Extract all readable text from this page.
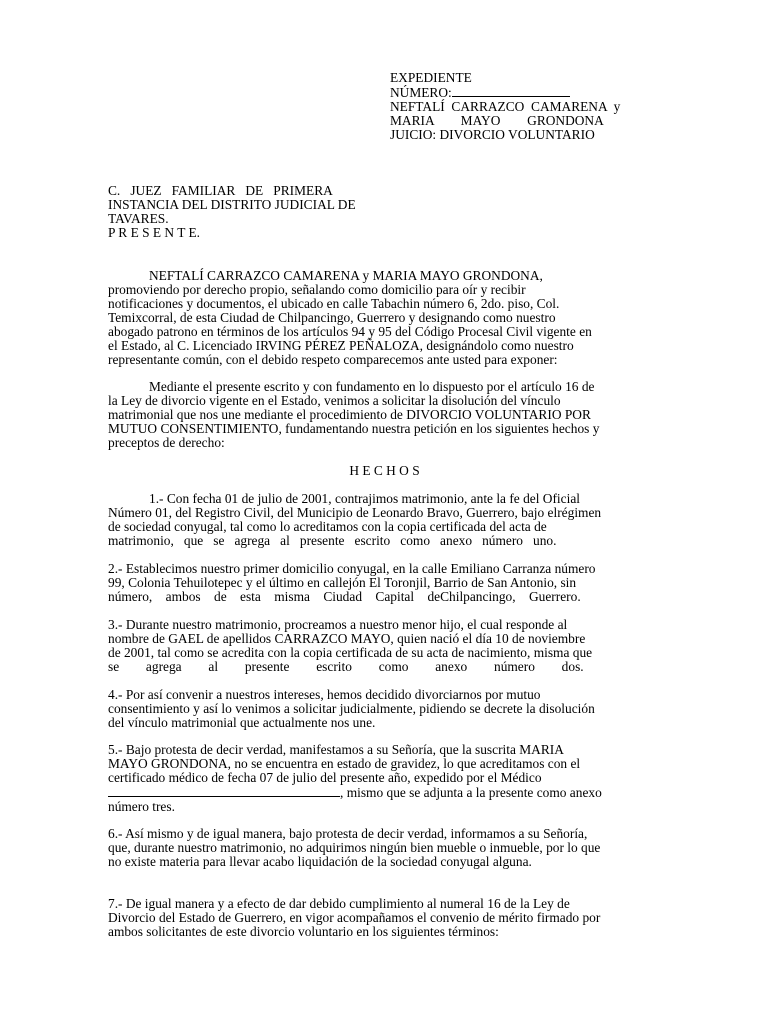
EXPEDIENTE
NÚMERO:
NEFTALÍ  CARRAZCO  CAMARENA  y
MARIA        MAYO        GRONDONA
JUICIO: DIVORCIO VOLUNTARIO
C.   JUEZ   FAMILIAR   DE   PRIMERA
INSTANCIA DEL DISTRITO JUDICIAL DE
TAVARES.
P R E S E N T E.
NEFTALÍ CARRAZCO CAMARENA y MARIA MAYO GRONDONA,
promoviendo por derecho propio, señalando como domicilio para oír y recibir
notificaciones y documentos, el ubicado en calle Tabachin número 6, 2do. piso, Col.
Temixcorral, de esta Ciudad de Chilpancingo, Guerrero y designando como nuestro
abogado patrono en términos de los artículos 94 y 95 del Código Procesal Civil vigente en
el Estado, al C. Licenciado IRVING PÉREZ PEÑALOZA, designándolo como nuestro
representante común, con el debido respeto comparecemos ante usted para exponer:
Mediante el presente escrito y con fundamento en lo dispuesto por el artículo 16 de
la Ley de divorcio vigente en el Estado, venimos a solicitar la disolución del vínculo
matrimonial que nos une mediante el procedimiento de DIVORCIO VOLUNTARIO POR
MUTUO CONSENTIMIENTO, fundamentando nuestra petición en los siguientes hechos y
preceptos de derecho:
H E C H O S
1.- Con fecha 01 de julio de 2001, contrajimos matrimonio, ante la fe del Oficial
Número 01, del Registro Civil, del Municipio de Leonardo Bravo, Guerrero, bajo elrégimen
de sociedad conyugal, tal como lo acreditamos con la copia certificada del acta de
matrimonio,   que   se   agrega   al   presente   escrito   como   anexo   número   uno.
2.- Establecimos nuestro primer domicilio conyugal, en la calle Emiliano Carranza número
99, Colonia Tehuilotepec y el último en callejón El Toronjil, Barrio de San Antonio, sin
número,    ambos    de    esta    misma    Ciudad    Capital    deChilpancingo,    Guerrero.
3.- Durante nuestro matrimonio, procreamos a nuestro menor hijo, el cual responde al
nombre de GAEL de apellidos CARRAZCO MAYO, quien nació el día 10 de noviembre
de 2001, tal como se acredita con la copia certificada de su acta de nacimiento, misma que
se        agrega        al        presente        escrito        como        anexo        número        dos.
4.- Por así convenir a nuestros intereses, hemos decidido divorciarnos por mutuo
consentimiento y así lo venimos a solicitar judicialmente, pidiendo se decrete la disolución
del vínculo matrimonial que actualmente nos une.
5.- Bajo protesta de decir verdad, manifestamos a su Señoría, que la suscrita MARIA
MAYO GRONDONA, no se encuentra en estado de gravidez, lo que acreditamos con el
certificado médico de fecha 07 de julio del presente año, expedido por el Médico
, mismo que se adjunta a la presente como anexo
número tres.
6.- Así mismo y de igual manera, bajo protesta de decir verdad, informamos a su Señoría,
que, durante nuestro matrimonio, no adquirimos ningún bien mueble o inmueble, por lo que
no existe materia para llevar acabo liquidación de la sociedad conyugal alguna.
7.- De igual manera y a efecto de dar debido cumplimiento al numeral 16 de la Ley de
Divorcio del Estado de Guerrero, en vigor acompañamos el convenio de mérito firmado por
ambos solicitantes de este divorcio voluntario en los siguientes términos:
